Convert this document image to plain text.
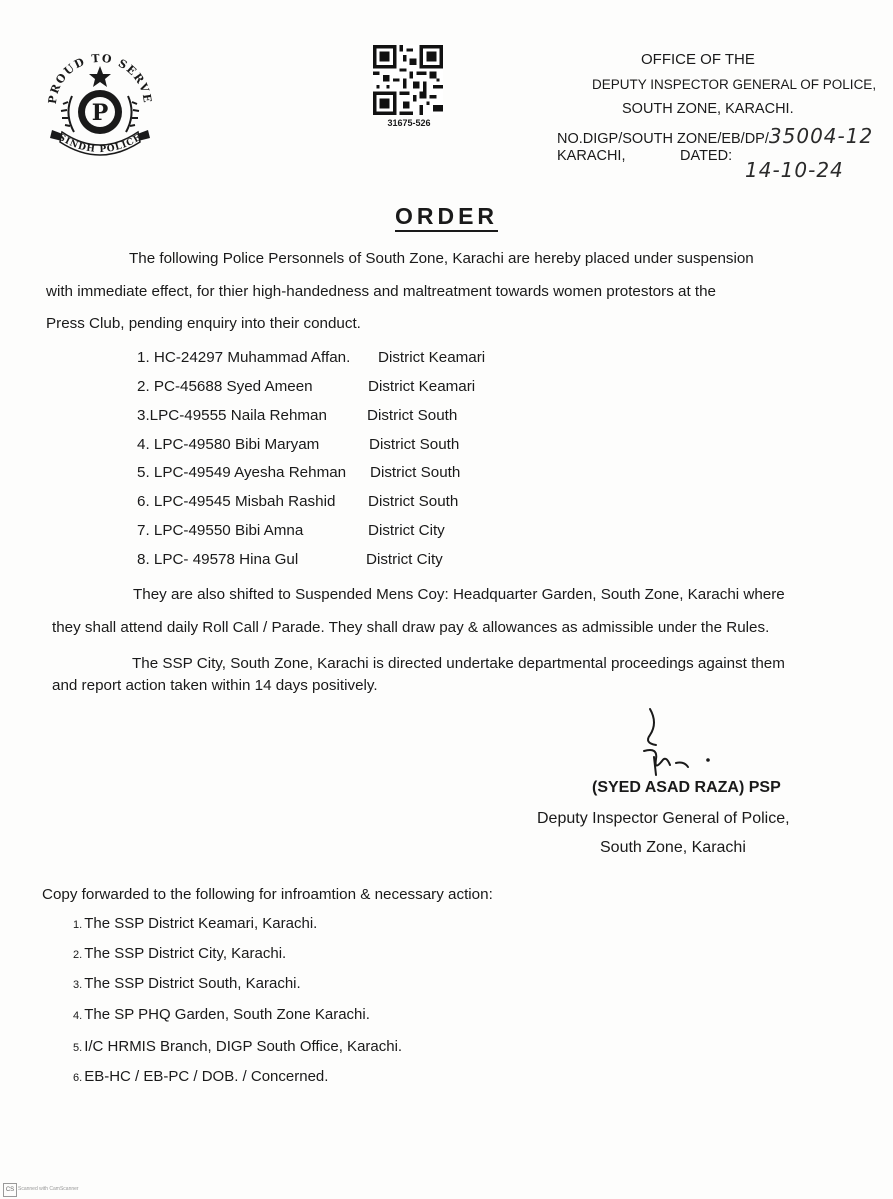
PROUD TO SERVE
P
SINDH POLICE
31675-526
OFFICE OF THE
DEPUTY INSPECTOR GENERAL OF POLICE,
SOUTH ZONE, KARACHI.
NO.DIGP/SOUTH ZONE/EB/DP/35004-12
KARACHI,	DATED:
14-10-24
ORDER
The following Police Personnels of South Zone, Karachi are hereby placed under suspension
with immediate effect, for thier high-handedness and maltreatment towards women protestors at the
Press Club, pending enquiry into their conduct.
1. HC-24297 Muhammad Affan. District Keamari
2. PC-45688 Syed Ameen	District Keamari
3.LPC-49555 Naila Rehman	District South
4. LPC-49580 Bibi Maryam	District South
5. LPC-49549 Ayesha Rehman District South
6. LPC-49545 Misbah Rashid District South
7. LPC-49550 Bibi Amna	District City
8. LPC- 49578 Hina Gul	District City
They are also shifted to Suspended Mens Coy: Headquarter Garden, South Zone, Karachi where
they shall attend daily Roll Call / Parade. They shall draw pay & allowances as admissible under the Rules.
The SSP City, South Zone, Karachi is directed undertake departmental proceedings against them
and report action taken within 14 days positively.
(SYED ASAD RAZA) PSP
Deputy Inspector General of Police,
South Zone, Karachi
Copy forwarded to the following for infroamtion & necessary action:
1. The SSP District Keamari, Karachi.
2. The SSP District City, Karachi.
3. The SSP District South, Karachi.
4. The SP PHQ Garden, South Zone Karachi.
5. I/C HRMIS Branch, DIGP South Office, Karachi.
6. EB-HC / EB-PC / DOB. / Concerned.
CS Scanned with CamScanner
